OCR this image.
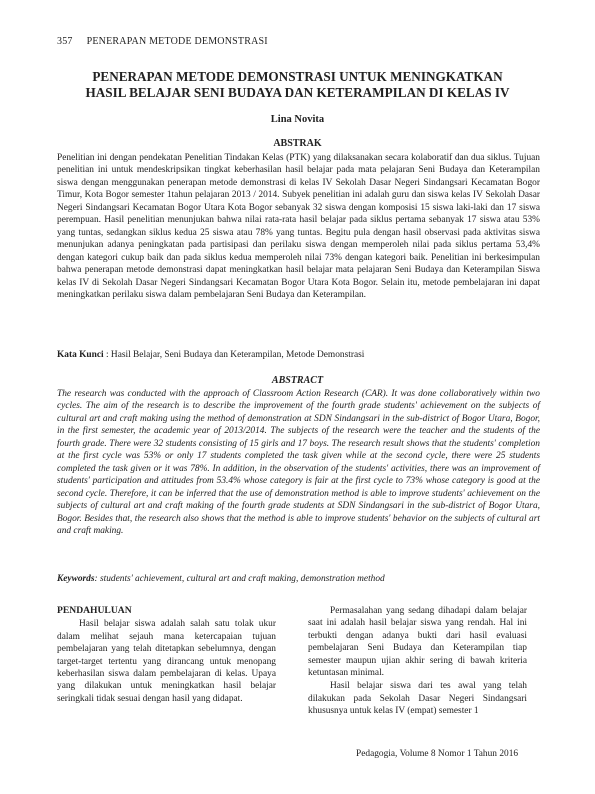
357 PENERAPAN METODE DEMONSTRASI
PENERAPAN METODE DEMONSTRASI UNTUK MENINGKATKAN
HASIL BELAJAR SENI BUDAYA DAN KETERAMPILAN DI KELAS IV
Lina Novita
ABSTRAK
Penelitian ini dengan pendekatan Penelitian Tindakan Kelas (PTK) yang dilaksanakan secara kolaboratif dan dua siklus. Tujuan penelitian ini untuk mendeskripsikan tingkat keberhasilan hasil belajar pada mata pelajaran Seni Budaya dan Keterampilan siswa dengan menggunakan penerapan metode demonstrasi di kelas IV Sekolah Dasar Negeri Sindangsari Kecamatan Bogor Timur, Kota Bogor semester 1tahun pelajaran 2013 / 2014. Subyek penelitian ini adalah guru dan siswa kelas IV Sekolah Dasar Negeri Sindangsari Kecamatan Bogor Utara Kota Bogor sebanyak 32 siswa dengan komposisi 15 siswa laki-laki dan 17 siswa perempuan. Hasil penelitian menunjukan bahwa nilai rata-rata hasil belajar pada siklus pertama sebanyak 17 siswa atau 53% yang tuntas, sedangkan siklus kedua 25 siswa atau 78% yang tuntas. Begitu pula dengan hasil observasi pada aktivitas siswa menunjukan adanya peningkatan pada partisipasi dan perilaku siswa dengan memperoleh nilai pada siklus pertama 53,4% dengan kategori cukup baik dan pada siklus kedua memperoleh nilai 73% dengan kategori baik. Penelitian ini berkesimpulan bahwa penerapan metode demonstrasi dapat meningkatkan hasil belajar mata pelajaran Seni Budaya dan Keterampilan Siswa kelas IV di Sekolah Dasar Negeri Sindangsari Kecamatan Bogor Utara Kota Bogor. Selain itu, metode pembelajaran ini dapat meningkatkan perilaku siswa dalam pembelajaran Seni Budaya dan Keterampilan.
Kata Kunci : Hasil Belajar, Seni Budaya dan Keterampilan, Metode Demonstrasi
ABSTRACT
The research was conducted with the approach of Classroom Action Research (CAR). It was done collaboratively within two cycles. The aim of the research is to describe the improvement of the fourth grade students' achievement on the subjects of cultural art and craft making using the method of demonstration at SDN Sindangsari in the sub-district of Bogor Utara, Bogor, in the first semester, the academic year of 2013/2014. The subjects of the research were the teacher and the students of the fourth grade. There were 32 students consisting of 15 girls and 17 boys. The research result shows that the students' completion at the first cycle was 53% or only 17 students completed the task given while at the second cycle, there were 25 students completed the task given or it was 78%. In addition, in the observation of the students' activities, there was an improvement of students' participation and attitudes from 53.4% whose category is fair at the first cycle to 73% whose category is good at the second cycle. Therefore, it can be inferred that the use of demonstration method is able to improve students' achievement on the subjects of cultural art and craft making of the fourth grade students at SDN Sindangsari in the sub-district of Bogor Utara, Bogor. Besides that, the research also shows that the method is able to improve students' behavior on the subjects of cultural art and craft making.
Keywords: students' achievement, cultural art and craft making, demonstration method
PENDAHULUAN

Hasil belajar siswa adalah salah satu tolak ukur dalam melihat sejauh mana ketercapaian tujuan pembelajaran yang telah ditetapkan sebelumnya, dengan target-target tertentu yang dirancang untuk menopang keberhasilan siswa dalam pembelajaran di kelas. Upaya yang dilakukan untuk meningkatkan hasil belajar seringkali tidak sesuai dengan hasil yang didapat.

Permasalahan yang sedang dihadapi dalam belajar saat ini adalah hasil belajar siswa yang rendah. Hal ini terbukti dengan adanya bukti dari hasil evaluasi pembelajaran Seni Budaya dan Keterampilan tiap semester maupun ujian akhir sering di bawah kriteria ketuntasan minimal.

Hasil belajar siswa dari tes awal yang telah dilakukan pada Sekolah Dasar Negeri Sindangsari khususnya untuk kelas IV (empat) semester 1

Pedagogia, Volume 8 Nomor 1 Tahun 2016
